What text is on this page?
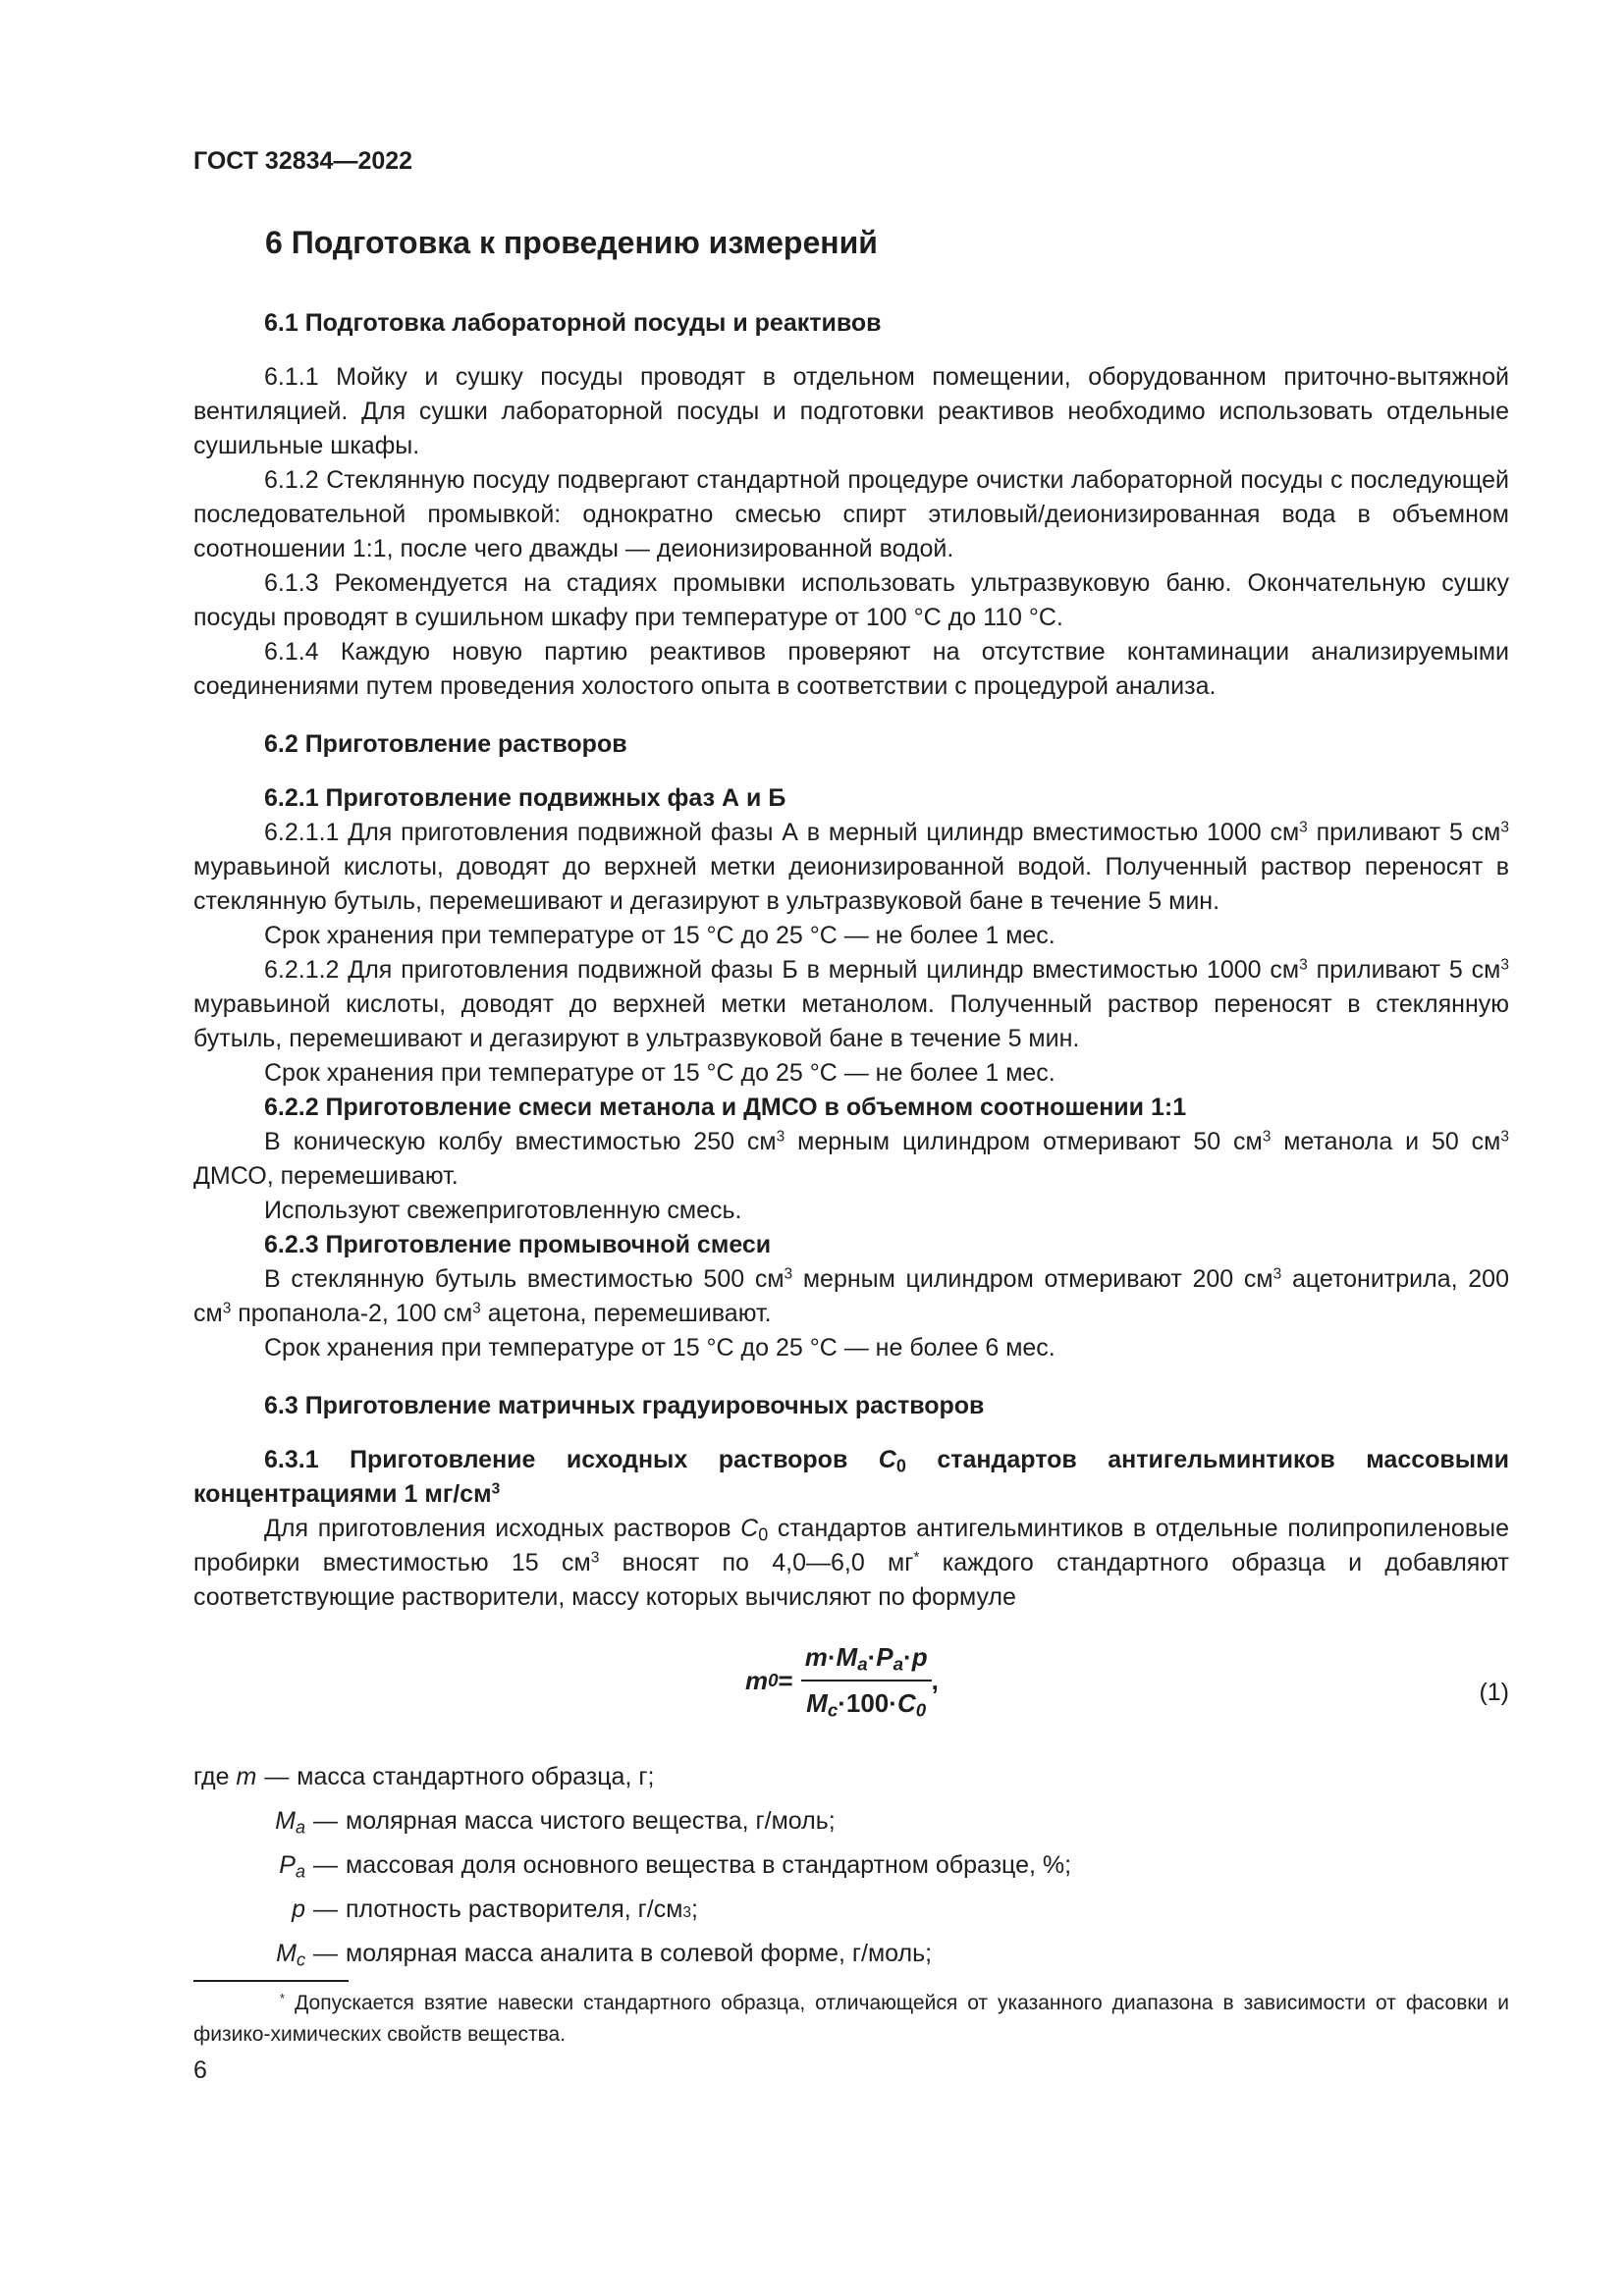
ГОСТ 32834—2022
6 Подготовка к проведению измерений
6.1 Подготовка лабораторной посуды и реактивов

6.1.1 Мойку и сушку посуды проводят в отдельном помещении, оборудованном приточно-вытяжной вентиляцией. Для сушки лабораторной посуды и подготовки реактивов необходимо использовать отдельные сушильные шкафы.

6.1.2 Стеклянную посуду подвергают стандартной процедуре очистки лабораторной посуды с последующей последовательной промывкой: однократно смесью спирт этиловый/деионизированная вода в объемном соотношении 1:1, после чего дважды — деионизированной водой.

6.1.3 Рекомендуется на стадиях промывки использовать ультразвуковую баню. Окончательную сушку посуды проводят в сушильном шкафу при температуре от 100 °С до 110 °С.

6.1.4 Каждую новую партию реактивов проверяют на отсутствие контаминации анализируемыми соединениями путем проведения холостого опыта в соответствии с процедурой анализа.

6.2 Приготовление растворов
6.2.1 Приготовление подвижных фаз А и Б

6.2.1.1 Для приготовления подвижной фазы А в мерный цилиндр вместимостью 1000 $см^3$ приливают 5 $см^3$ муравьиной кислоты, доводят до верхней метки деионизированной водой. Полученный раствор переносят в стеклянную бутыль, перемешивают и дегазируют в ультразвуковой бане в течение 5 мин.

Срок хранения при температуре от 15 °С до 25 °С — не более 1 мес.

6.2.1.2 Для приготовления подвижной фазы Б в мерный цилиндр вместимостью 1000 $см^3$ приливают 5 $см^3$ муравьиной кислоты, доводят до верхней метки метанолом. Полученный раствор переносят в стеклянную бутыль, перемешивают и дегазируют в ультразвуковой бане в течение 5 мин.

Срок хранения при температуре от 15 °С до 25 °С — не более 1 мес.

6.2.2 Приготовление смеси метанола и ДМСО в объемном соотношении 1:1

В коническую колбу вместимостью 250 $см^3$ мерным цилиндром отмеривают 50 $см^3$ метанола и 50 $см^3$ ДМСО, перемешивают.

Используют свежеприготовленную смесь.

6.2.3 Приготовление промывочной смеси

В стеклянную бутыль вместимостью 500 $см^3$ мерным цилиндром отмеривают 200 $см^3$ ацетонитрила, 200 $см^3$ пропанола-2, 100 $см^3$ ацетона, перемешивают.

Срок хранения при температуре от 15 °С до 25 °С — не более 6 мес.

6.3 Приготовление матричных градуировочных растворов
6.3.1 Приготовление исходных растворов $С_0$ стандартов антигельминтиков массовыми концентрациями 1 $мг/см^3$

Для приготовления исходных растворов $С_0$ стандартов антигельминтиков в отдельные полипропиленовые пробирки вместимостью 15 $см^3$ вносят по 4,0—6,0 мг* каждого стандартного образца и добавляют соответствующие растворители, массу которых вычисляют по формуле

m $0 = \frac{m\cdot M_a\cdot P_a\cdot p}{M_c\cdot 100\cdot C_0}$ ,	(1)
где
m — масса стандартного образца, г;
$M_a$ — молярная масса чистого вещества, г/моль;
$P_a$ — массовая доля основного вещества в стандартном образце, %;
p — плотность растворителя, г/см 3 ;
$M_c$ — молярная масса аналита в солевой форме, г/моль;
* Допускается взятие навески стандартного образца, отличающейся от указанного диапазона в зависимости от фасовки и физико-химических свойств вещества.
6
